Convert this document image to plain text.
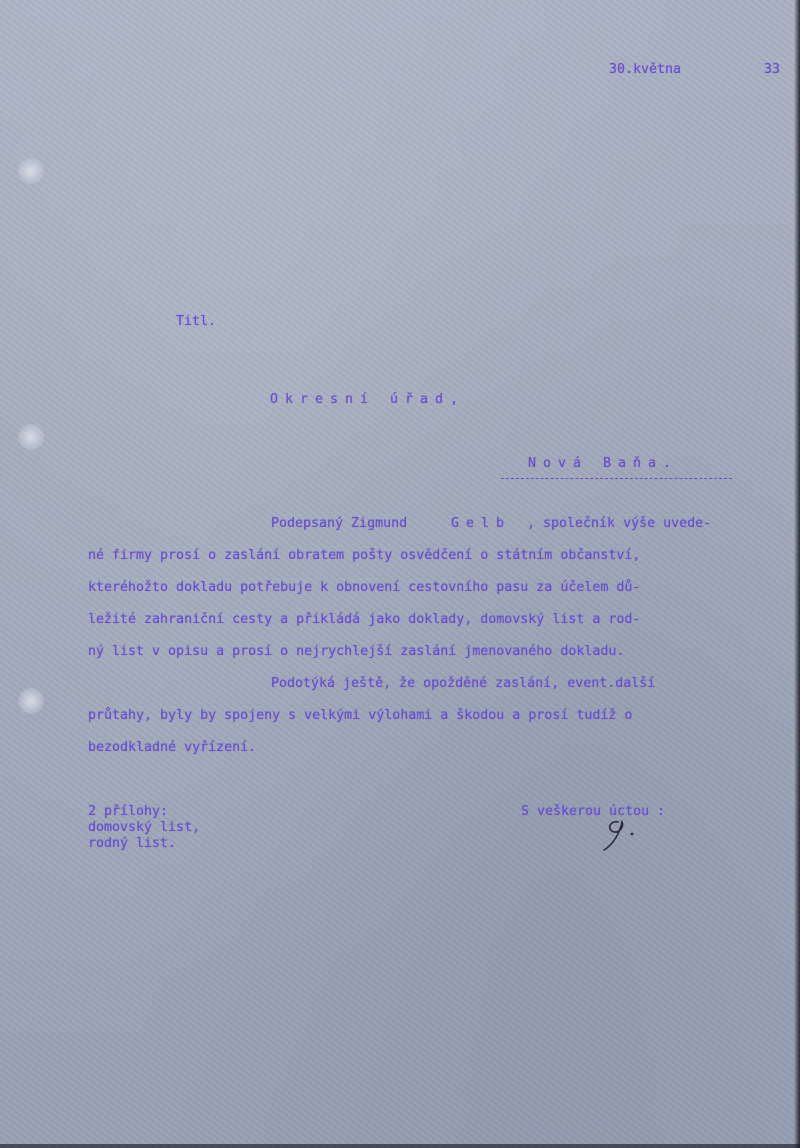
30.května	33

Titl.

Okresní úřad,

Nová Baňa.

Podepsaný Zigmund	Gelb , společník výše uvede-

né firmy prosí o zaslání obratem pošty osvědčení o státním občanství,

kteréhožto dokladu potřebuje k obnovení cestovního pasu za účelem dů-

ležité zahraniční cesty a přikládá jako doklady, domovský list a rod-

ný list v opisu a prosí o nejrychlejší zaslání jmenovaného dokladu.

Podotýká ještě, že opožděné zaslání, event.další

průtahy, byly by spojeny s velkými výlohami a škodou a prosí tudíž o

bezodkladné vyřízení.

2 přílohy:

domovský list,

rodný list.

S veškerou úctou :
